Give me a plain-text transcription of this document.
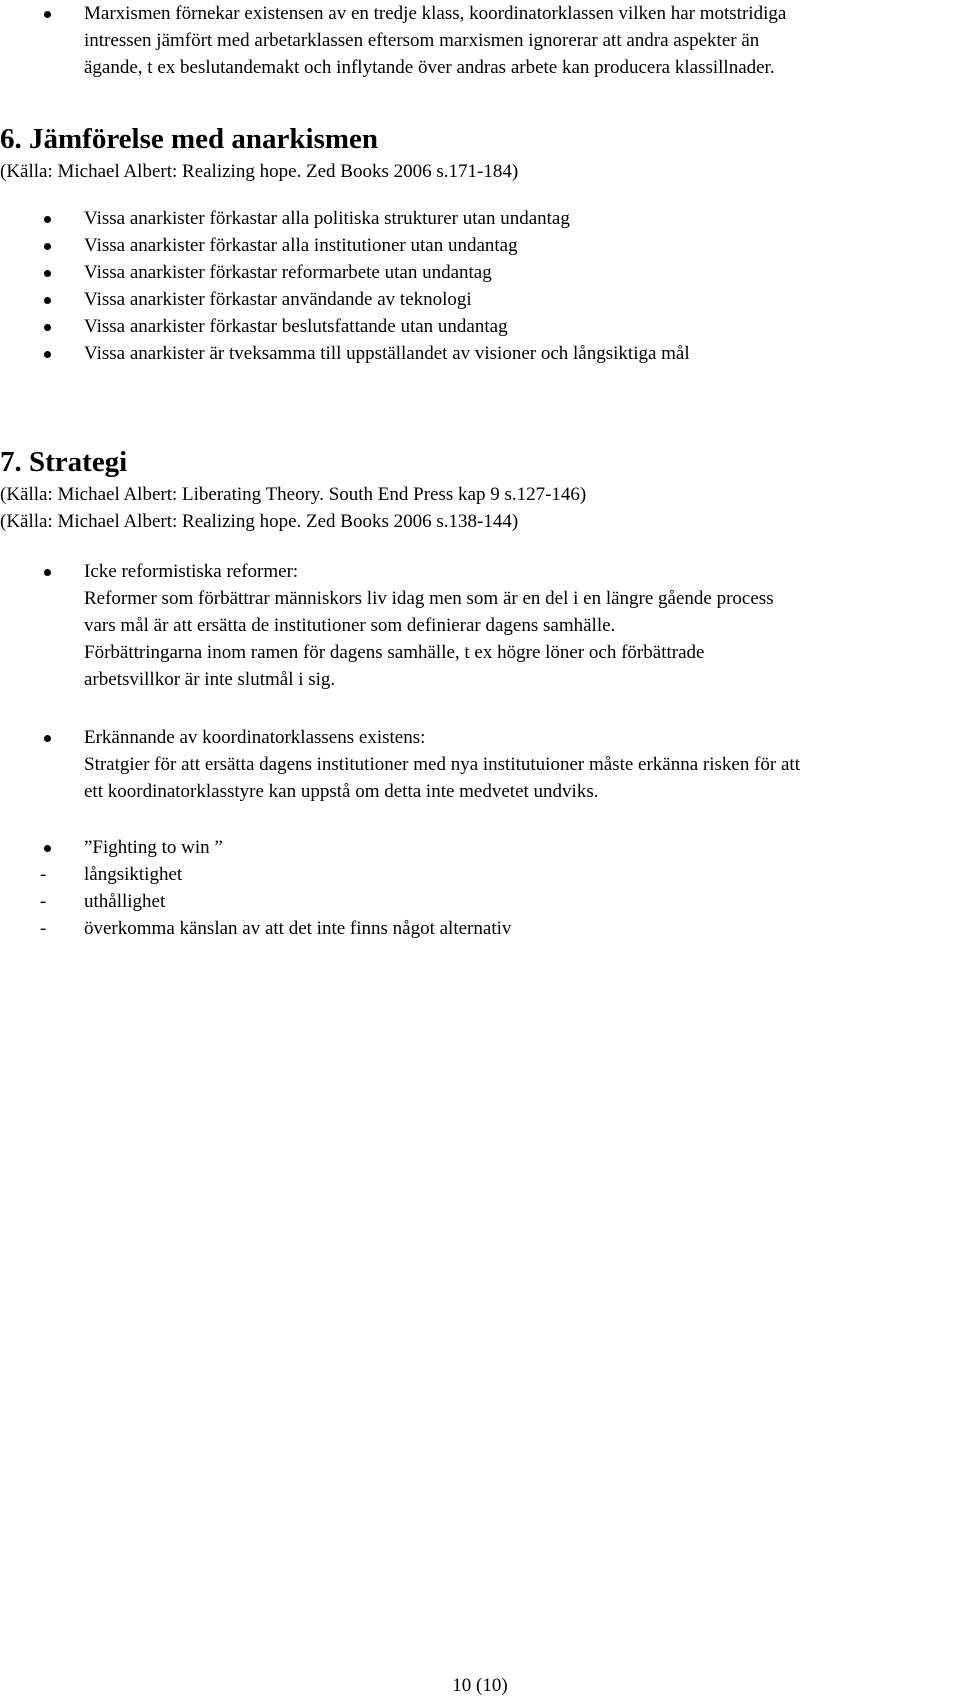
Marxismen förnekar existensen av en tredje klass, koordinatorklassen vilken har motstridiga
intressen jämfört med arbetarklassen eftersom marxismen ignorerar att andra aspekter än
ägande, t ex beslutandemakt och inflytande över andras arbete kan producera klassillnader.
6. Jämförelse med anarkismen
(Källa: Michael Albert: Realizing hope. Zed Books 2006 s.171-184)
Vissa anarkister förkastar alla politiska strukturer utan undantag
Vissa anarkister förkastar alla institutioner utan undantag
Vissa anarkister förkastar reformarbete utan undantag
Vissa anarkister förkastar användande av teknologi
Vissa anarkister förkastar beslutsfattande utan undantag
Vissa anarkister är tveksamma till uppställandet av visioner och långsiktiga mål
7. Strategi
(Källa: Michael Albert: Liberating Theory. South End Press kap 9 s.127-146)
(Källa: Michael Albert: Realizing hope. Zed Books 2006 s.138-144)
Icke reformistiska reformer:
Reformer som förbättrar människors liv idag men som är en del i en längre gående process
vars mål är att ersätta de institutioner som definierar dagens samhälle.
Förbättringarna inom ramen för dagens samhälle, t ex högre löner och förbättrade
arbetsvillkor är inte slutmål i sig.
Erkännande av koordinatorklassens existens:
Stratgier för att ersätta dagens institutioner med nya institutuioner måste erkänna risken för att
ett koordinatorklasstyre kan uppstå om detta inte medvetet undviks.
”Fighting to win ”
- långsiktighet
- uthållighet
- överkomma känslan av att det inte finns något alternativ
10 (10)
